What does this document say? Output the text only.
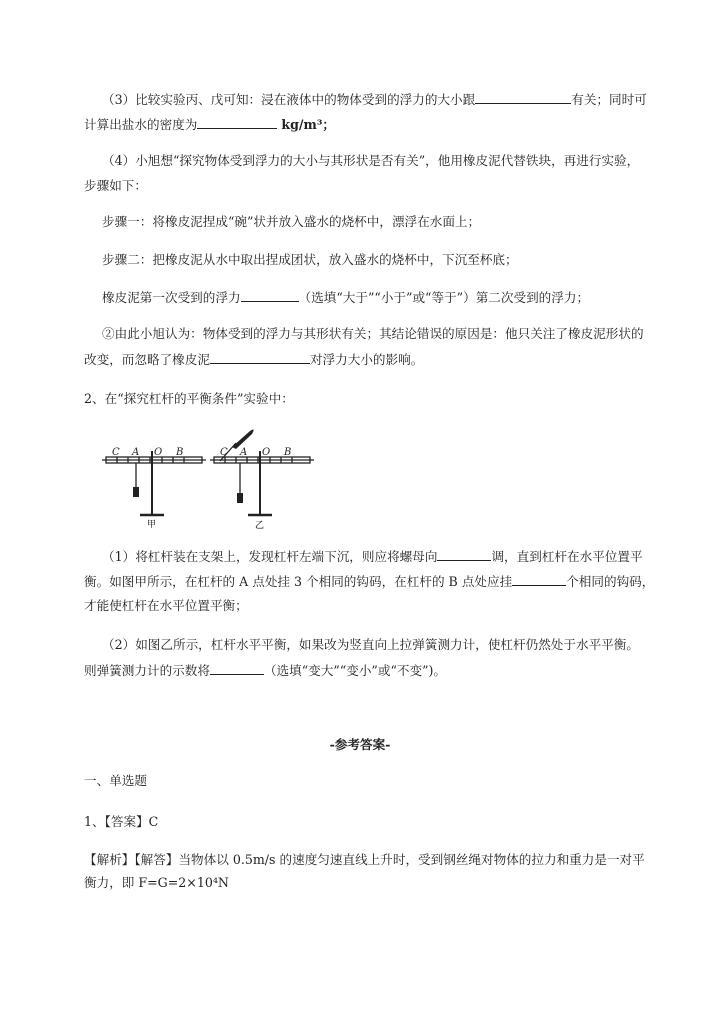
（3）比较实验丙、戊可知：浸在液体中的物体受到的浮力的大小跟	有关；同时可
计算出盐水的密度为	kg/m³；
（4）小旭想“探究物体受到浮力的大小与其形状是否有关”，他用橡皮泥代替铁块，再进行实验，
步骤如下：
步骤一：将橡皮泥捏成“碗”状并放入盛水的烧杯中，漂浮在水面上；
步骤二：把橡皮泥从水中取出捏成团状，放入盛水的烧杯中，下沉至杯底；
橡皮泥第一次受到的浮力	（选填“大于”“小于”或“等于”）第二次受到的浮力；
②由此小旭认为：物体受到的浮力与其形状有关；其结论错误的原因是：他只关注了橡皮泥形状的
改变，而忽略了橡皮泥	对浮力大小的影响。
2、在“探究杠杆的平衡条件”实验中：
C A O B	C A O B
甲	乙
（1）将杠杆装在支架上，发现杠杆左端下沉，则应将螺母向	调，直到杠杆在水平位置平
衡。如图甲所示，在杠杆的 A 点处挂 3 个相同的钩码，在杠杆的 B 点处应挂	个相同的钩码，
才能使杠杆在水平位置平衡；
（2）如图乙所示，杠杆水平平衡，如果改为竖直向上拉弹簧测力计，使杠杆仍然处于水平平衡。
则弹簧测力计的示数将	（选填“变大”“变小”或“不变”)。
-参考答案-
一、单选题
1、【答案】C
【解析】【解答】当物体以 0.5m/s 的速度匀速直线上升时，受到钢丝绳对物体的拉力和重力是一对平
衡力，即 F=G=2×10⁴N
